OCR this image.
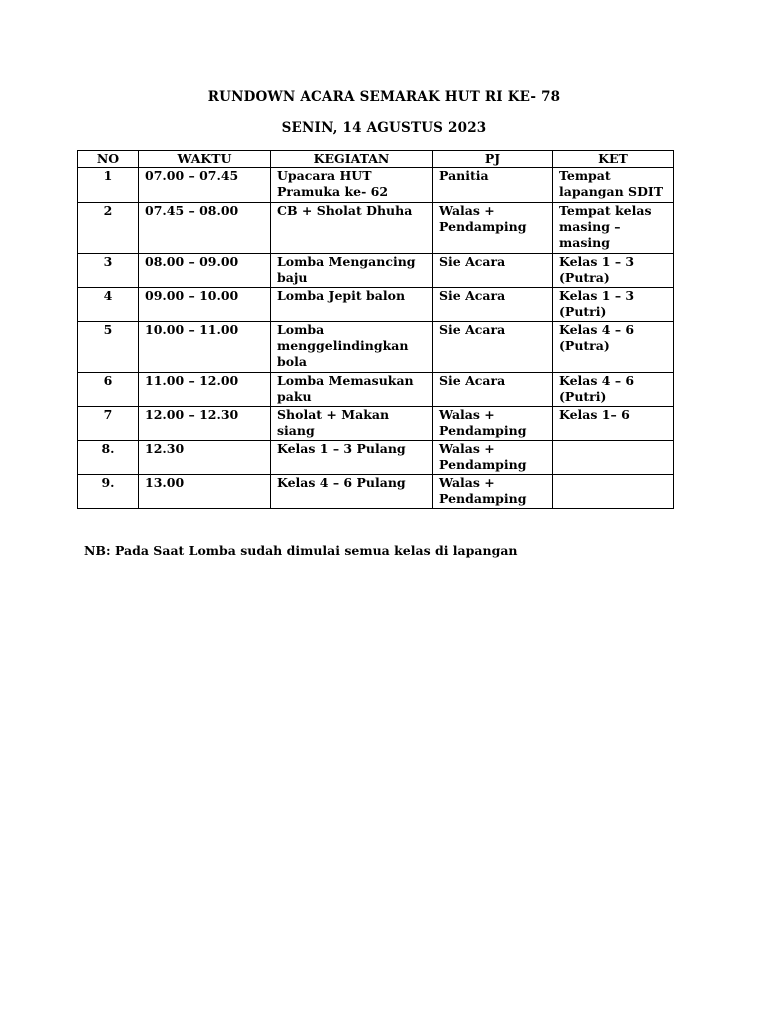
RUNDOWN ACARA SEMARAK HUT RI KE- 78
SENIN, 14 AGUSTUS 2023
NO	WAKTU	KEGIATAN	PJ	KET
1	07.00 – 07.45	Upacara HUT Pramuka ke- 62	Panitia	Tempat lapangan SDIT
2	07.45 – 08.00	CB + Sholat Dhuha	Walas + Pendamping	Tempat kelas masing – masing
3	08.00 – 09.00	Lomba Mengancing baju	Sie Acara	Kelas 1 – 3 (Putra)
4	09.00 – 10.00	Lomba Jepit balon	Sie Acara	Kelas 1 – 3 (Putri)
5	10.00 – 11.00	Lomba menggelindingkan bola	Sie Acara	Kelas 4 – 6 (Putra)
6	11.00 – 12.00	Lomba Memasukan paku	Sie Acara	Kelas 4 – 6 (Putri)
7	12.00 – 12.30	Sholat + Makan siang	Walas + Pendamping	Kelas 1– 6
8.	12.30	Kelas 1 – 3 Pulang	Walas + Pendamping	
9.	13.00	Kelas 4 – 6 Pulang	Walas + Pendamping	
NB: Pada Saat Lomba sudah dimulai semua kelas di lapangan
